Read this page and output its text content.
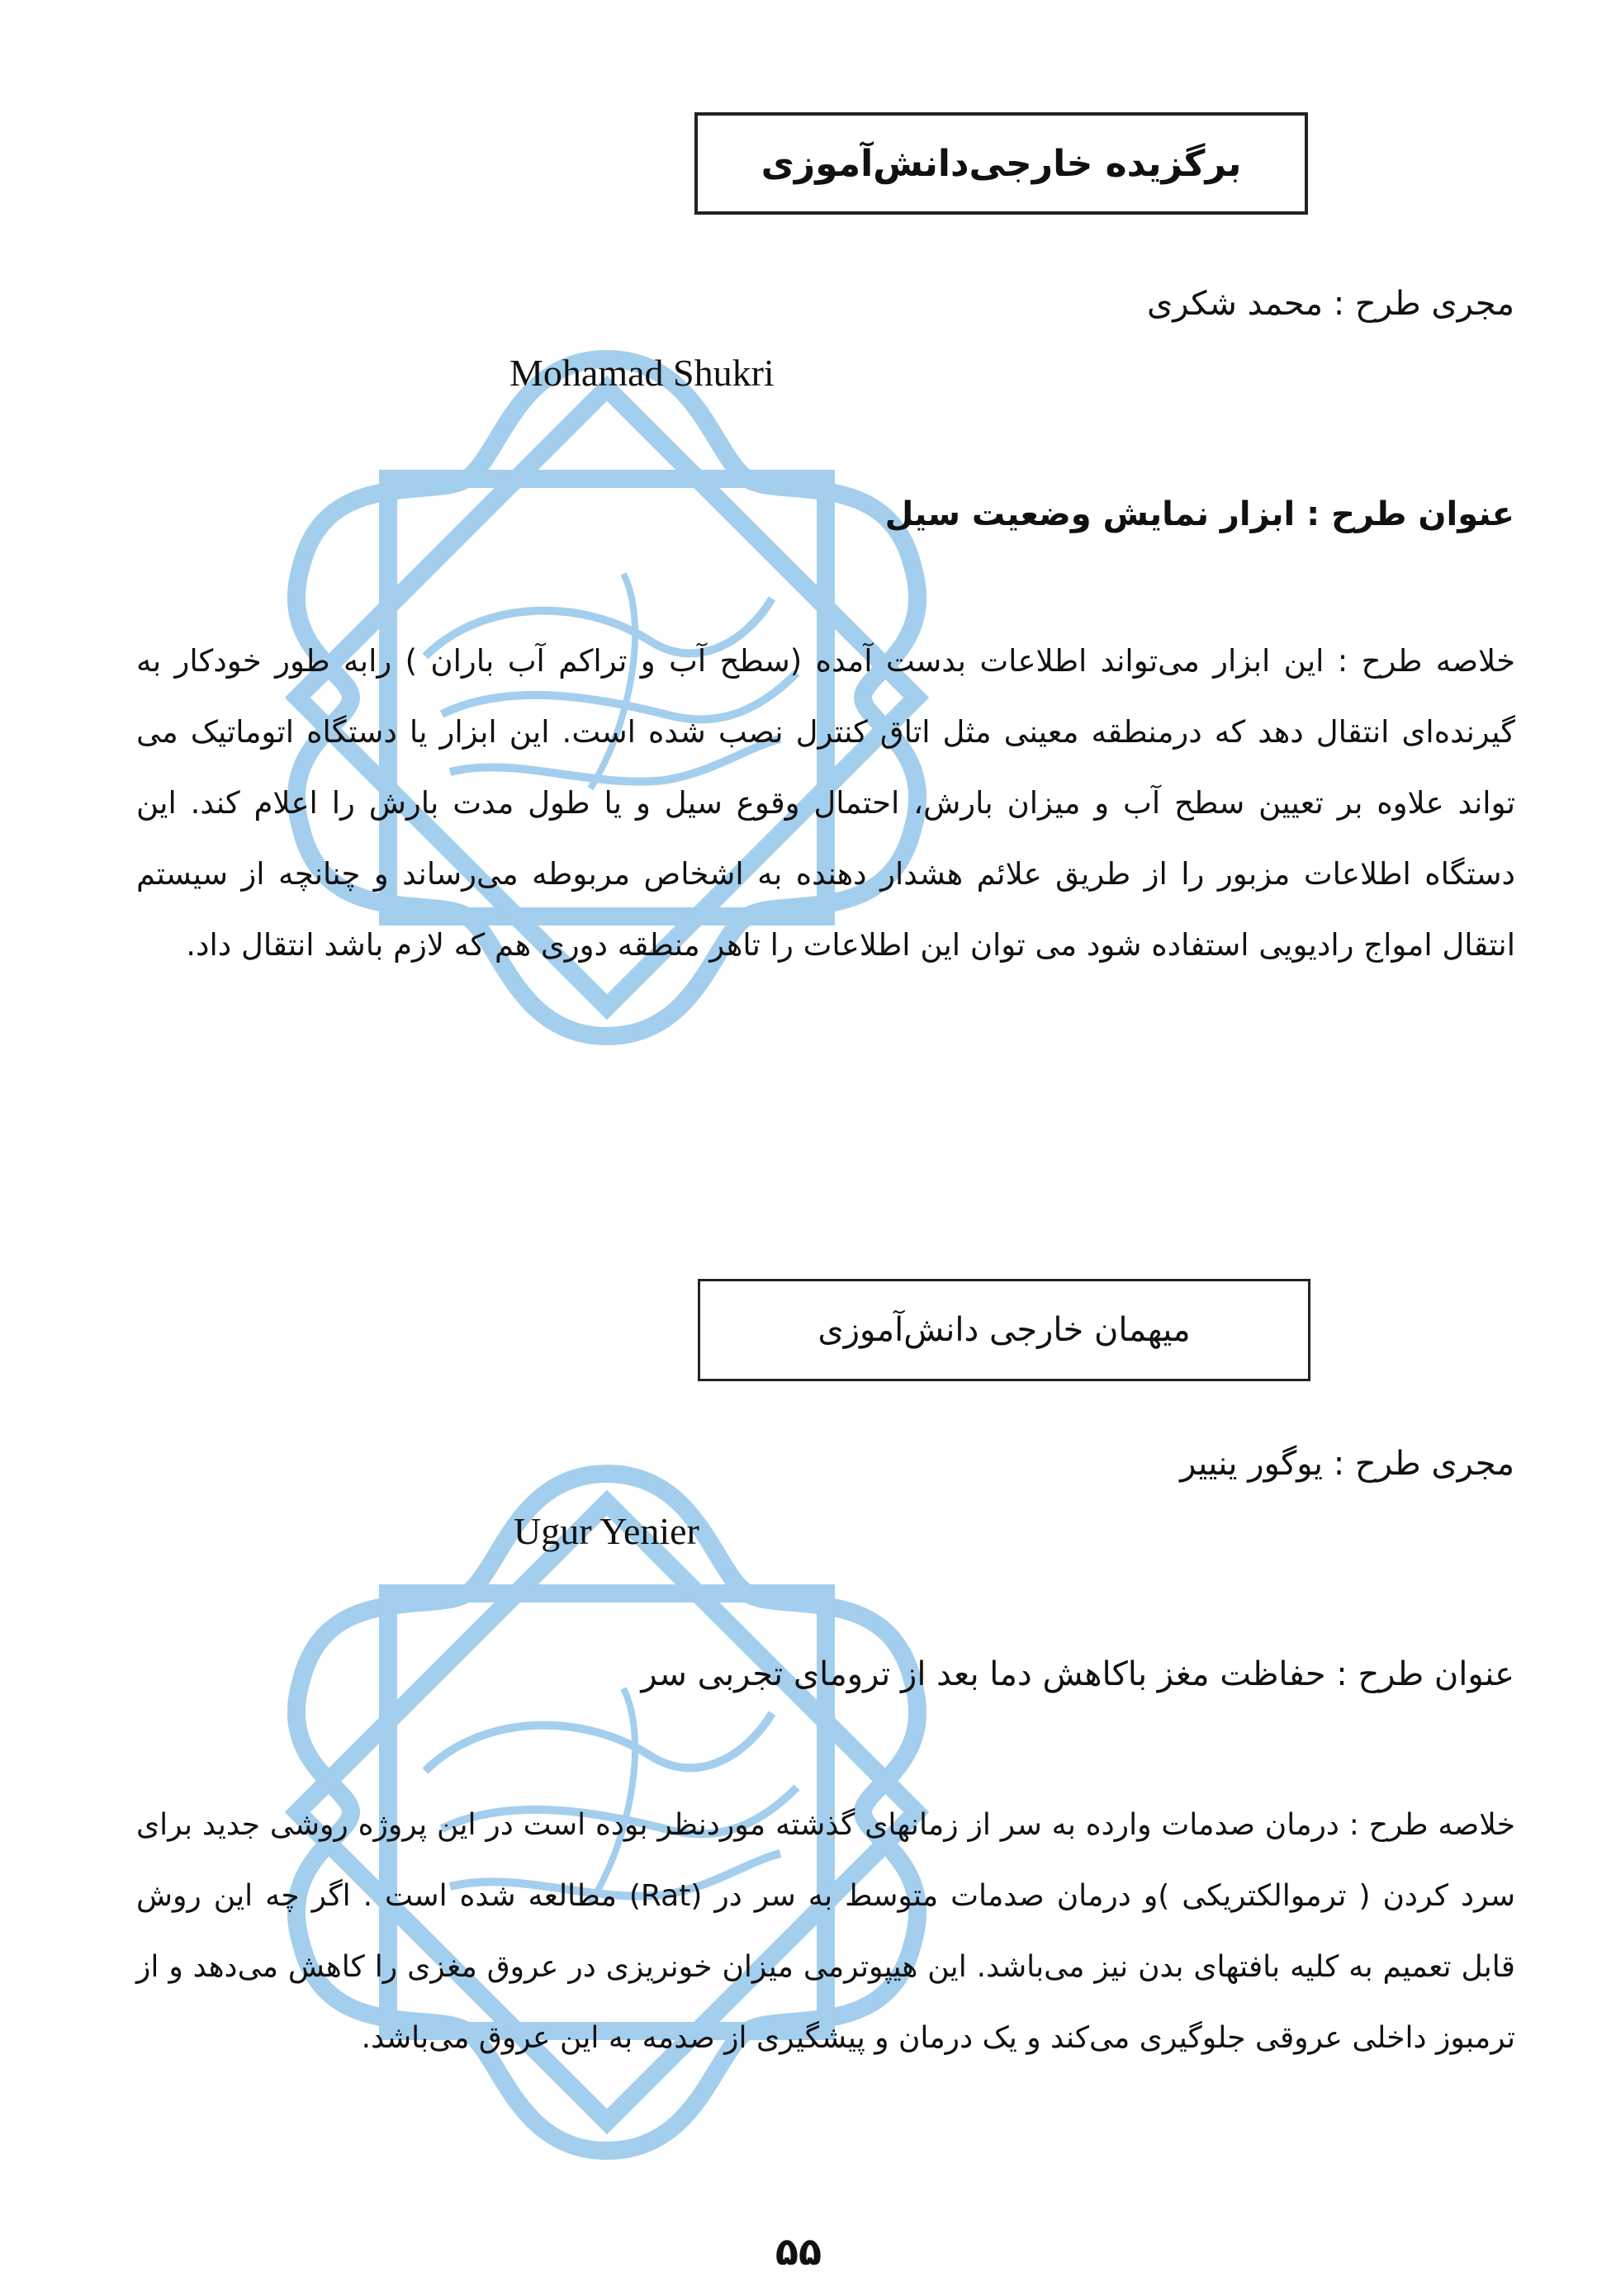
برگزیده خارجی‌دانش‌آموزی
مجری طرح : محمد شکری
Mohamad Shukri
عنوان طرح : ابزار نمایش وضعیت سیل
خلاصه طرح : این ابزار می‌تواند اطلاعات بدست آمده (سطح آب و تراکم آب باران ) رابه طور خودکار به گیرنده‌ای انتقال دهد که درمنطقه معینی مثل اتاق کنترل نصب شده است. این ابزار یا دستگاه اتوماتیک می تواند علاوه بر تعیین سطح آب و میزان بارش، احتمال وقوع سیل و یا طول مدت بارش را اعلام کند. این دستگاه اطلاعات مزبور را از طریق علائم هشدار دهنده به اشخاص مربوطه می‌رساند و چنانچه از سیستم انتقال امواج رادیویی استفاده شود می توان این اطلاعات را تاهر منطقه دوری هم که لازم باشد انتقال داد.
میهمان خارجی دانش‌آموزی
مجری طرح : یوگور ینییر
Ugur Yenier
عنوان طرح : حفاظت مغز باکاهش دما بعد از ترومای تجربی سر
خلاصه طرح : درمان صدمات وارده به سر از زمانهای گذشته موردنظر بوده است در این پروژه روشی جدید برای سرد کردن ( ترموالکتریکی )و درمان صدمات متوسط به سر در (Rat) مطالعه شده است . اگر چه این روش قابل تعمیم به کلیه بافتهای بدن نیز می‌باشد. این هیپوترمی میزان خونریزی در عروق مغزی را کاهش می‌دهد و از ترمبوز داخلی عروقی جلوگیری می‌کند و یک درمان و پیشگیری از صدمه به این عروق می‌باشد.
۵۵
